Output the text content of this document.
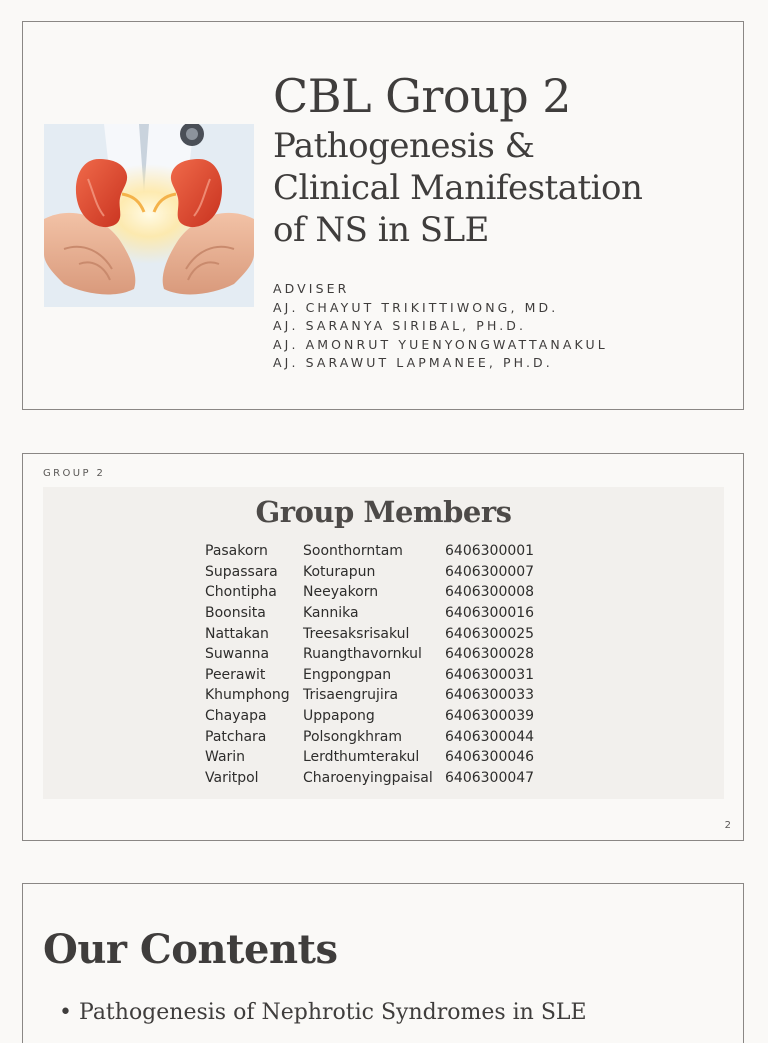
CBL Group 2
Pathogenesis &
Clinical Manifestation
of NS in SLE
ADVISER
AJ. CHAYUT TRIKITTIWONG, MD.
AJ. SARANYA SIRIBAL, PH.D.
AJ. AMONRUT YUENYONGWATTANAKUL
AJ. SARAWUT LAPMANEE, PH.D.
GROUP 2
Group Members
Pasakorn	Soonthorntam	6406300001
Supassara	Koturapun	6406300007
Chontipha	Neeyakorn	6406300008
Boonsita	Kannika	6406300016
Nattakan	Treesaksrisakul	6406300025
Suwanna	Ruangthavornkul	6406300028
Peerawit	Engpongpan	6406300031
Khumphong	Trisaengrujira	6406300033
Chayapa	Uppapong	6406300039
Patchara	Polsongkhram	6406300044
Warin	Lerdthumterakul	6406300046
Varitpol	Charoenyingpaisal	6406300047
2
Our Contents
• Pathogenesis of Nephrotic Syndromes in SLE
